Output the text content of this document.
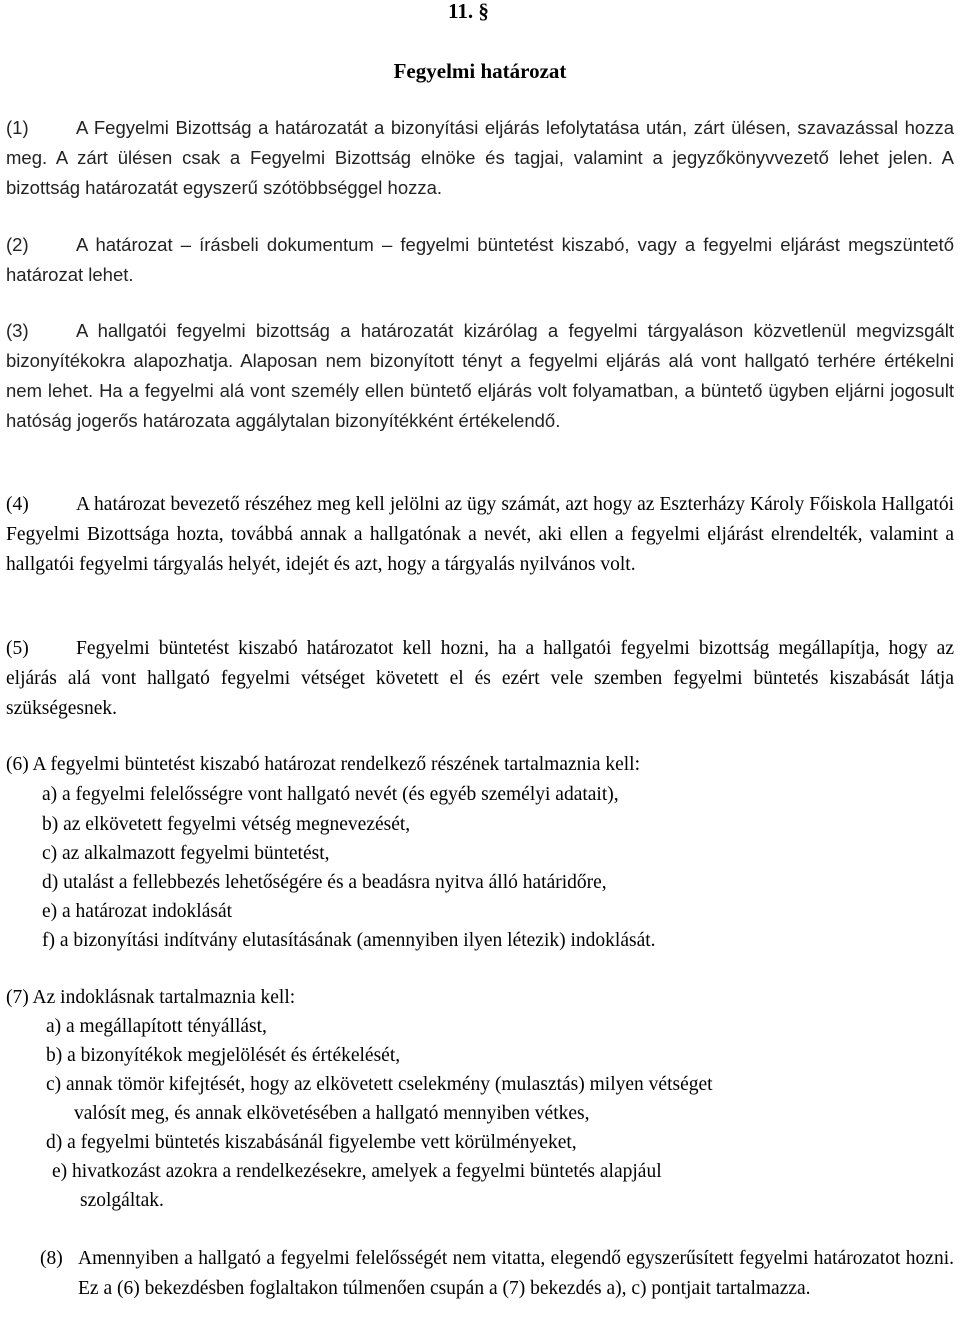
11. §
Fegyelmi határozat
(1)	A Fegyelmi Bizottság a határozatát a bizonyítási eljárás lefolytatása után, zárt ülésen, szavazással hozza meg. A zárt ülésen csak a Fegyelmi Bizottság elnöke és tagjai, valamint a jegyzőkönyvvezető lehet jelen. A bizottság határozatát egyszerű szótöbbséggel hozza.
(2)	A határozat – írásbeli dokumentum – fegyelmi büntetést kiszabó, vagy a fegyelmi eljárást megszüntető határozat lehet.
(3)	A hallgatói fegyelmi bizottság a határozatát kizárólag a fegyelmi tárgyaláson közvetlenül megvizsgált bizonyítékokra alapozhatja. Alaposan nem bizonyított tényt a fegyelmi eljárás alá vont hallgató terhére értékelni nem lehet. Ha a fegyelmi alá vont személy ellen büntető eljárás volt folyamatban, a büntető ügyben eljárni jogosult hatóság jogerős határozata aggálytalan bizonyítékként értékelendő.
(4) A határozat bevezető részéhez meg kell jelölni az ügy számát, azt hogy az Eszterházy Károly Főiskola Hallgatói Fegyelmi Bizottsága hozta, továbbá annak a hallgatónak a nevét, aki ellen a fegyelmi eljárást elrendelték, valamint a hallgatói fegyelmi tárgyalás helyét, idejét és azt, hogy a tárgyalás nyilvános volt.
(5) Fegyelmi büntetést kiszabó határozatot kell hozni, ha a hallgatói fegyelmi bizottság megállapítja, hogy az eljárás alá vont hallgató fegyelmi vétséget követett el és ezért vele szemben fegyelmi büntetés kiszabását látja szükségesnek.
(6) A fegyelmi büntetést kiszabó határozat rendelkező részének tartalmaznia kell:
a) a fegyelmi felelősségre vont hallgató nevét (és egyéb személyi adatait),
b) az elkövetett fegyelmi vétség megnevezését,
c) az alkalmazott fegyelmi büntetést,
d) utalást a fellebbezés lehetőségére és a beadásra nyitva álló határidőre,
e) a határozat indoklását
f) a bizonyítási indítvány elutasításának (amennyiben ilyen létezik) indoklását.
(7) Az indoklásnak tartalmaznia kell:
a) a megállapított tényállást,
b) a bizonyítékok megjelölését és értékelését,
c) annak tömör kifejtését, hogy az elkövetett cselekmény (mulasztás) milyen vétséget
valósít meg, és annak elkövetésében a hallgató mennyiben vétkes,
d) a fegyelmi büntetés kiszabásánál figyelembe vett körülményeket,
e) hivatkozást azokra a rendelkezésekre, amelyek a fegyelmi büntetés alapjául
szolgáltak.
(8) Amennyiben a hallgató a fegyelmi felelősségét nem vitatta, elegendő egyszerűsített fegyelmi határozatot hozni. Ez a (6) bekezdésben foglaltakon túlmenően csupán a (7) bekezdés a), c) pontjait tartalmazza.
